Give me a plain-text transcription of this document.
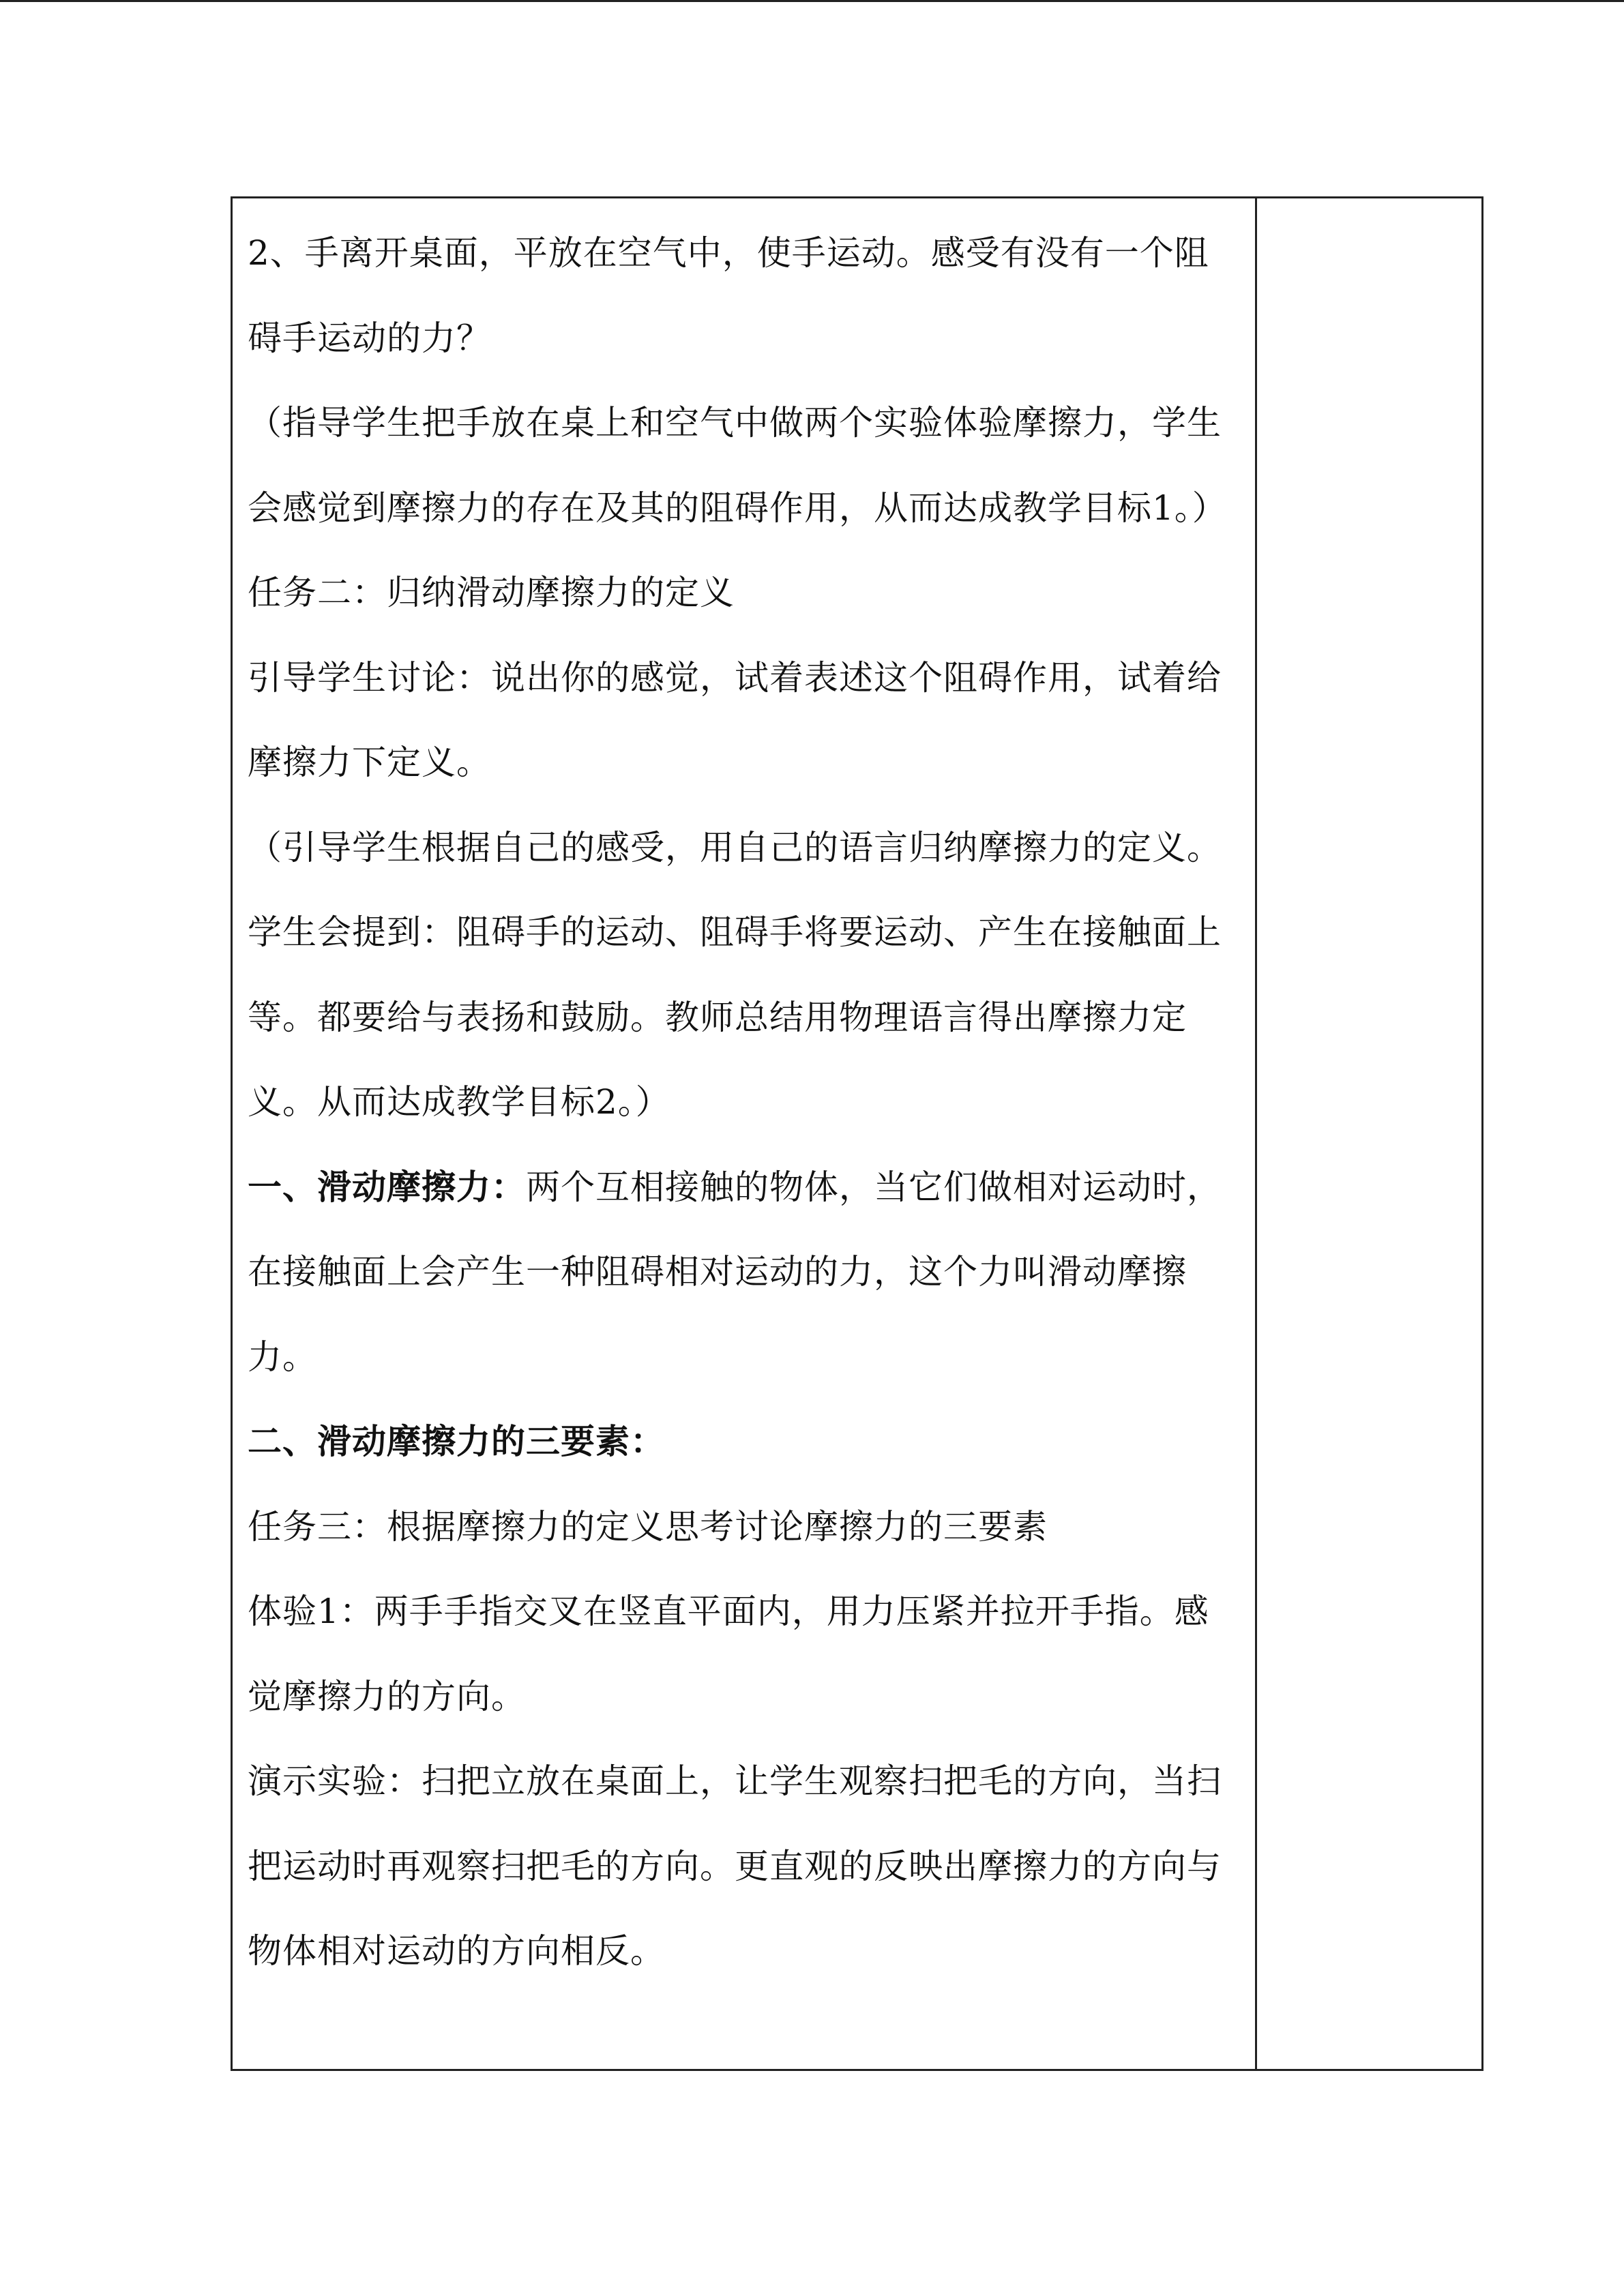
2、手离开桌面，平放在空气中，使手运动。感受有没有一个阻碍手运动的力？

（指导学生把手放在桌上和空气中做两个实验体验摩擦力，学生会感觉到摩擦力的存在及其的阻碍作用，从而达成教学目标1。）

任务二：归纳滑动摩擦力的定义

引导学生讨论：说出你的感觉，试着表述这个阻碍作用，试着给摩擦力下定义。

（引导学生根据自己的感受，用自己的语言归纳摩擦力的定义。学生会提到：阻碍手的运动、阻碍手将要运动、产生在接触面上等。都要给与表扬和鼓励。教师总结用物理语言得出摩擦力定义。从而达成教学目标2。）

一、滑动摩擦力：两个互相接触的物体，当它们做相对运动时，在接触面上会产生一种阻碍相对运动的力，这个力叫滑动摩擦力。

二、滑动摩擦力的三要素：

任务三：根据摩擦力的定义思考讨论摩擦力的三要素

体验1：两手手指交叉在竖直平面内，用力压紧并拉开手指。感觉摩擦力的方向。

演示实验：扫把立放在桌面上，让学生观察扫把毛的方向，当扫把运动时再观察扫把毛的方向。更直观的反映出摩擦力的方向与物体相对运动的方向相反。
